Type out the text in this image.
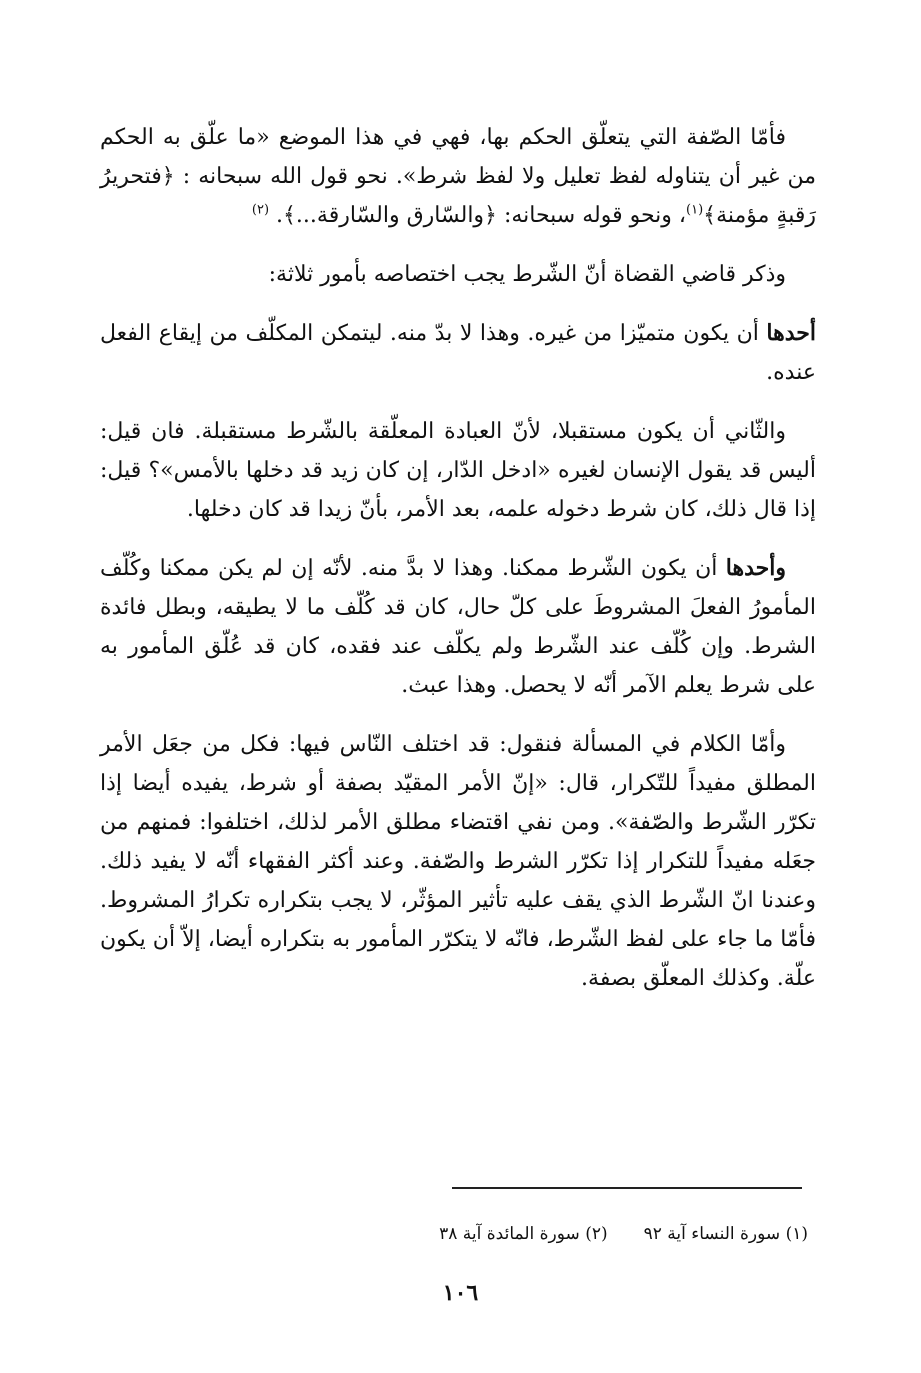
فأمّا الصّفة التي يتعلّق الحكم بها، فهي في هذا الموضع «ما علّق به الحكم من غير أن يتناوله لفظ تعليل ولا لفظ شرط». نحو قول الله سبحانه : ﴿فتحريرُ رَقبةٍ مؤمنة﴾$^{(١)}$، ونحو قوله سبحانه: ﴿والسّارق والسّارقة...﴾. $^{(٢)}$

وذكر قاضي القضاة أنّ الشّرط يجب اختصاصه بأمور ثلاثة:

أحدها أن يكون متميّزا من غيره. وهذا لا بدّ منه. ليتمكن المكلّف من إيقاع الفعل عنده.

والثّاني أن يكون مستقبلا، لأنّ العبادة المعلّقة بالشّرط مستقبلة. فان قيل: أليس قد يقول الإنسان لغيره «ادخل الدّار، إن كان زيد قد دخلها بالأمس»؟ قيل: إذا قال ذلك، كان شرط دخوله علمه، بعد الأمر، بأنّ زيدا قد كان دخلها.

وأحدها أن يكون الشّرط ممكنا. وهذا لا بدَّ منه. لأنّه إن لم يكن ممكنا وكُلّف المأمورُ الفعلَ المشروطَ على كلّ حال، كان قد كُلّف ما لا يطيقه، وبطل فائدة الشرط. وإن كُلّف عند الشّرط ولم يكلّف عند فقده، كان قد عُلّق المأمور به على شرط يعلم الآمر أنّه لا يحصل. وهذا عبث.

وأمّا الكلام في المسألة فنقول: قد اختلف النّاس فيها: فكل من جعَل الأمر المطلق مفيداً للتّكرار، قال: «إنّ الأمر المقيّد بصفة أو شرط، يفيده أيضا إذا تكرّر الشّرط والصّفة». ومن نفي اقتضاء مطلق الأمر لذلك، اختلفوا: فمنهم من جعَله مفيداً للتكرار إذا تكرّر الشرط والصّفة. وعند أكثر الفقهاء أنّه لا يفيد ذلك. وعندنا انّ الشّرط الذي يقف عليه تأثير المؤثّر، لا يجب بتكراره تكرارُ المشروط. فأمّا ما جاء على لفظ الشّرط، فانّه لا يتكرّر المأمور به بتكراره أيضا، إلاّ أن يكون علّة. وكذلك المعلّق بصفة.

(١) سورة النساء آية ٩٢
(٢) سورة المائدة آية ٣٨
١٠٦
